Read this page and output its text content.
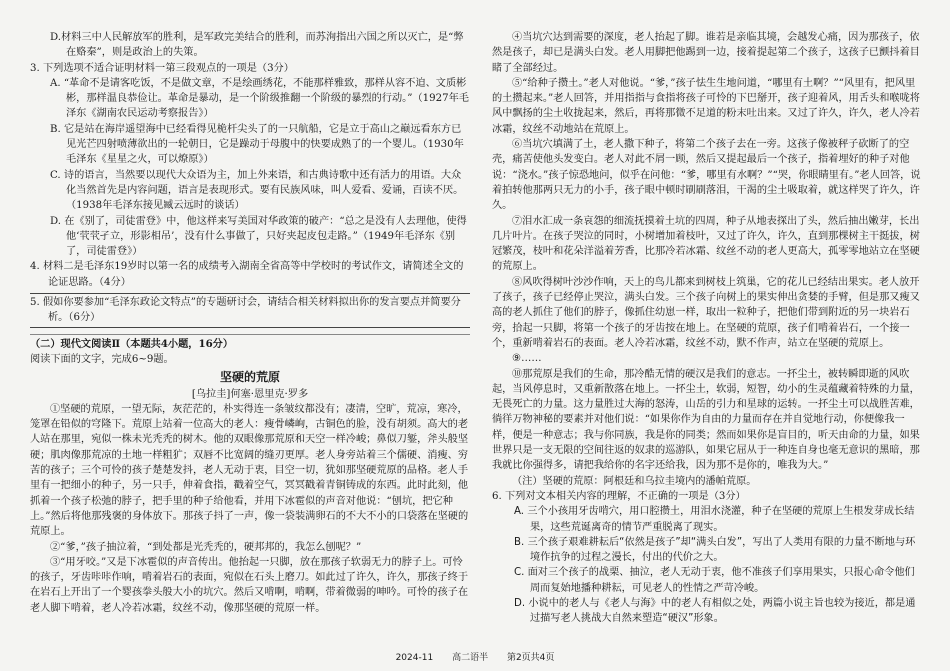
D.材料三中人民解放军的胜利，是军政完美结合的胜利，而苏洵指出六国之所以灭亡，是“弊在赂秦”，则是政治上的失策。

3. 下列选项不适合证明材料一第三段观点的一项是（3分）

A. “革命不是请客吃饭，不是做文章，不是绘画绣花，不能那样雅致，那样从容不迫、文质彬彬，那样温良恭俭让。革命是暴动，是一个阶级推翻一个阶级的暴烈的行动。”（1927年毛泽东《湖南农民运动考察报告》）

B. 它是站在海岸遥望海中已经看得见桅杆尖头了的一只航船，它是立于高山之巅远看东方已见光芒四射喷薄欲出的一轮朝日，它是躁动于母腹中的快要成熟了的一个婴儿。（1930年毛泽东《星星之火，可以燎原》）

C. 诗的语言，当然要以现代大众语为主，加上外来语，和古典诗歌中还有活力的用语。大众化当然首先是内容问题，语言是表现形式。要有民族风味，叫人爱看、爱诵，百读不厌。（1938年毛泽东接见臧云远时的谈话）

D. 在《别了，司徒雷登》中，他这样来写美国对华政策的破产：“总之是没有人去理他，使得他‘茕茕孑立，形影相吊’，没有什么事做了，只好夹起皮包走路。”（1949年毛泽东《别了，司徒雷登》）

4. 材料二是毛泽东19岁时以第一名的成绩考入湖南全省高等中学校时的考试作文，请简述全文的论证思路。（4分）

5. 假如你要参加“毛泽东政论文特点”的专题研讨会，请结合相关材料拟出你的发言要点并简要分析。（6分）

（二）现代文阅读Ⅱ（本题共4小题，16分）

阅读下面的文字，完成6~9题。

坚硬的荒原

[乌拉圭]何塞·恩里克·罗多

①坚硬的荒原，一望无际，灰茫茫的，朴实得连一条皱纹都没有；凄清，空旷，荒凉，寒冷，笼罩在铅似的穹隆下。荒原上站着一位高大的老人：瘦骨嶙峋，古铜色的脸，没有胡须。高大的老人站在那里，宛似一株未光秃秃的树木。他的双眼像那荒原和天空一样冷峻；鼻似刀錾，斧头般坚硬；肌肉像那荒凉的土地一样粗犷；双唇不比宽阔的缝刃更厚。老人身旁站着三个儒硬、消瘦、穷苦的孩子；三个可怜的孩子楚楚发抖，老人无动于衷，目空一切，犹如那坚硬荒原的品格。老人手里有一把细小的种子，另一只手，伸着食指，戳着空气，冥冥戳着青铜铸成的东西。此时此刻，他抓着一个孩子松弛的脖子，把手里的种子给他看，并用下冰雹似的声音对他说：“刨坑，把它种上。”然后将他那残褒的身体放下。那孩子抖了一声，像一袋装满卵石的不大不小的口袋落在坚硬的荒原上。

②“爹，”孩子抽泣着，“到处都是光秃秃的，硬邦邦的，我怎么刨呢？”

③“用牙咬。”又是下冰雹似的声音传出。他抬起一只脚，放在那孩子软弱无力的脖子上。可怜的孩子，牙齿咔咔作响，啃着岩石的表面，宛似在石头上磨刀。如此过了许久，许久，那孩子终于在岩石上开出了一个婴孩拳头般大小的坑穴。然后又啃啊，啃啊，带着微弱的呻吟。可怜的孩子在老人脚下啃着，老人冷若冰霜，纹丝不动，像那坚硬的荒原一样。

④当坑穴达到需要的深度，老人抬起了脚。谁若是亲临其境，会越发心痛，因为那孩子，依然是孩子，却已是满头白发。老人用脚把他踢到一边，接着提起第二个孩子，这孩子已颤抖着目睹了全部经过。

⑤“给种子攒土。”老人对他说。“爹，”孩子怯生生地问道，“哪里有土啊？”“风里有，把风里的土攒起来。”老人回答，并用指指与食指将孩子可怜的下巴掰开，孩子迎着风，用舌头和喉咙将风中飘扬的尘土收拢起来，然后，再将那微不足道的粉末吐出来。又过了许久，许久，老人冷若冰霜，纹丝不动地站在荒原上。

⑥当坑穴填满了土，老人撒下种子，将第二个孩子去在一旁。这孩子像被秤子砍断了的空壳，痛苦使他头发变白。老人对此不屑一顾，然后又提起最后一个孩子，指着埋好的种子对他说：“浇水。”孩子惊恐地问，似乎在问他：“爹，哪里有水啊？”“哭，你眼睛里有。”老人回答，说着拍转他那两只无力的小手，孩子眼中顿时刷刷落泪，干渴的尘土吸取着，就这样哭了许久，许久。

⑦泪水汇成一条哀怨的细流抚摸着土坑的四周，种子从地表探出了头，然后抽出嫩芽，长出几片叶片。在孩子哭泣的同时，小树增加着枝叶，又过了许久，许久，直到那棵树主干挺拔，树冠繁茂，枝叶和花朵洋溢着芳香，比那冷若冰霜、纹丝不动的老人更高大，孤零零地站立在坚硬的荒原上。

⑧风吹得树叶沙沙作响，天上的鸟儿都来到树枝上筑巢，它的花儿已经结出果实。老人放开了孩子，孩子已经停止哭泣，满头白发。三个孩子向树上的果实伸出贪婪的手臂，但是那又瘦又高的老人抓住了他们的脖子，像抓住幼崽一样，取出一粒种子，把他们带到附近的另一块岩石旁，拾起一只脚，将第一个孩子的牙齿按在地上。在坚硬的荒原，孩子们啃着岩石，一个接一个，重新啃着岩石的表面。老人冷若冰霜，纹丝不动，默不作声，站立在坚硬的荒原上。

⑨……

⑩那荒原是我们的生命，那冷酷无情的硬汉是我们的意志。一抔尘土，被转瞬即逝的风吹起，当风停息时，又重新散落在地上。一抔尘土，软弱，短智，幼小的生灵蕴藏着特殊的力量，无畏死亡的力量。这力量胜过大海的怒涛，山岳的引力和星球的运转。一抔尘土可以战胜苦难，徜徉万物神秘的要素并对他们说：“如果你作为自由的力量而存在并自觉地行动，你便像我一样，便是一种意志；我与你同族，我是你的同类；然而如果你是盲目的，听天由命的力量，如果世界只是一支无限的空间往返的奴隶的巡游队，如果它屈从于一种连自身也毫无意识的黑暗，那我就比你强得多，请把我给你的名字还给我，因为那不是你的，唯我为大。”

（注）坚硬的荒原：阿根廷和乌拉圭境内的潘帕荒原。

6. 下列对文本相关内容的理解，不正确的一项是（3分）

A. 三个小孩用牙齿啃穴，用口腔攒土，用泪水浇灌，种子在坚硬的荒原上生根发芽成长结果，这些荒诞离奇的情节严重脱离了现实。

B. 三个孩子艰难耕耘后“依然是孩子”却“满头白发”，写出了人类用有限的力量不断地与环境作抗争的过程之漫长，付出的代价之大。

C. 面对三个孩子的战栗、抽泣，老人无动于衷，他不准孩子们享用果实，只报心命令他们周而复始地播种耕耘，可见老人的性情之严苛冷峻。

D. 小说中的老人与《老人与海》中的老人有相似之处，两篇小说主旨也较为接近，都是通过描写老人挑战大自然来塑造“硬汉”形象。

2024-11 高二语半 第2页共4页
